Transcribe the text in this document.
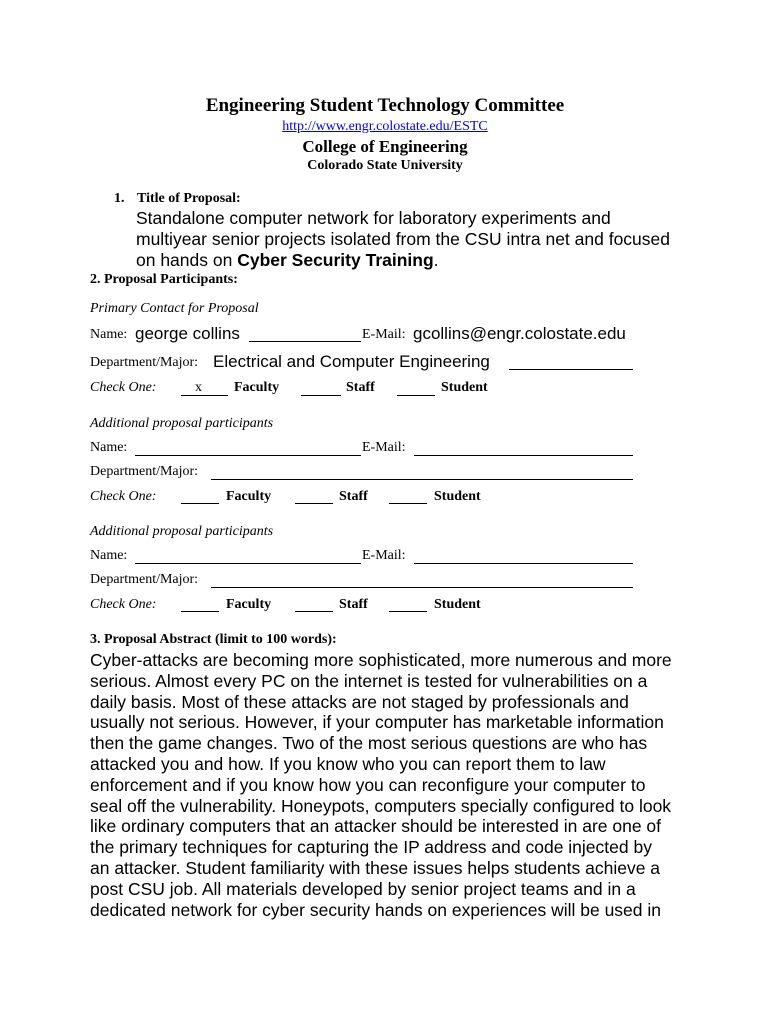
Engineering Student Technology Committee
http://www.engr.colostate.edu/ESTC
College of Engineering
Colorado State University
1. Title of Proposal:
Standalone computer network for laboratory experiments and
multiyear senior projects isolated from the CSU intra net and focused
on hands on Cyber Security Training.
2. Proposal Participants:
Primary Contact for Proposal
Name: george collins	E-Mail: gcollins@engr.colostate.edu
Department/Major: Electrical and Computer Engineering
Check One:	x Faculty	Staff	Student
Additional proposal participants
Name:	E-Mail:
Department/Major:
Check One:	Faculty	Staff	Student
Additional proposal participants
Name:	E-Mail:
Department/Major:
Check One:	Faculty	Staff	Student
3. Proposal Abstract (limit to 100 words):

Cyber-attacks are becoming more sophisticated, more numerous and more

serious. Almost every PC on the internet is tested for vulnerabilities on a

daily basis. Most of these attacks are not staged by professionals and

usually not serious. However, if your computer has marketable information

then the game changes. Two of the most serious questions are who has

attacked you and how. If you know who you can report them to law

enforcement and if you know how you can reconfigure your computer to

seal off the vulnerability. Honeypots, computers specially configured to look

like ordinary computers that an attacker should be interested in are one of

the primary techniques for capturing the IP address and code injected by

an attacker. Student familiarity with these issues helps students achieve a

post CSU job. All materials developed by senior project teams and in a

dedicated network for cyber security hands on experiences will be used in
